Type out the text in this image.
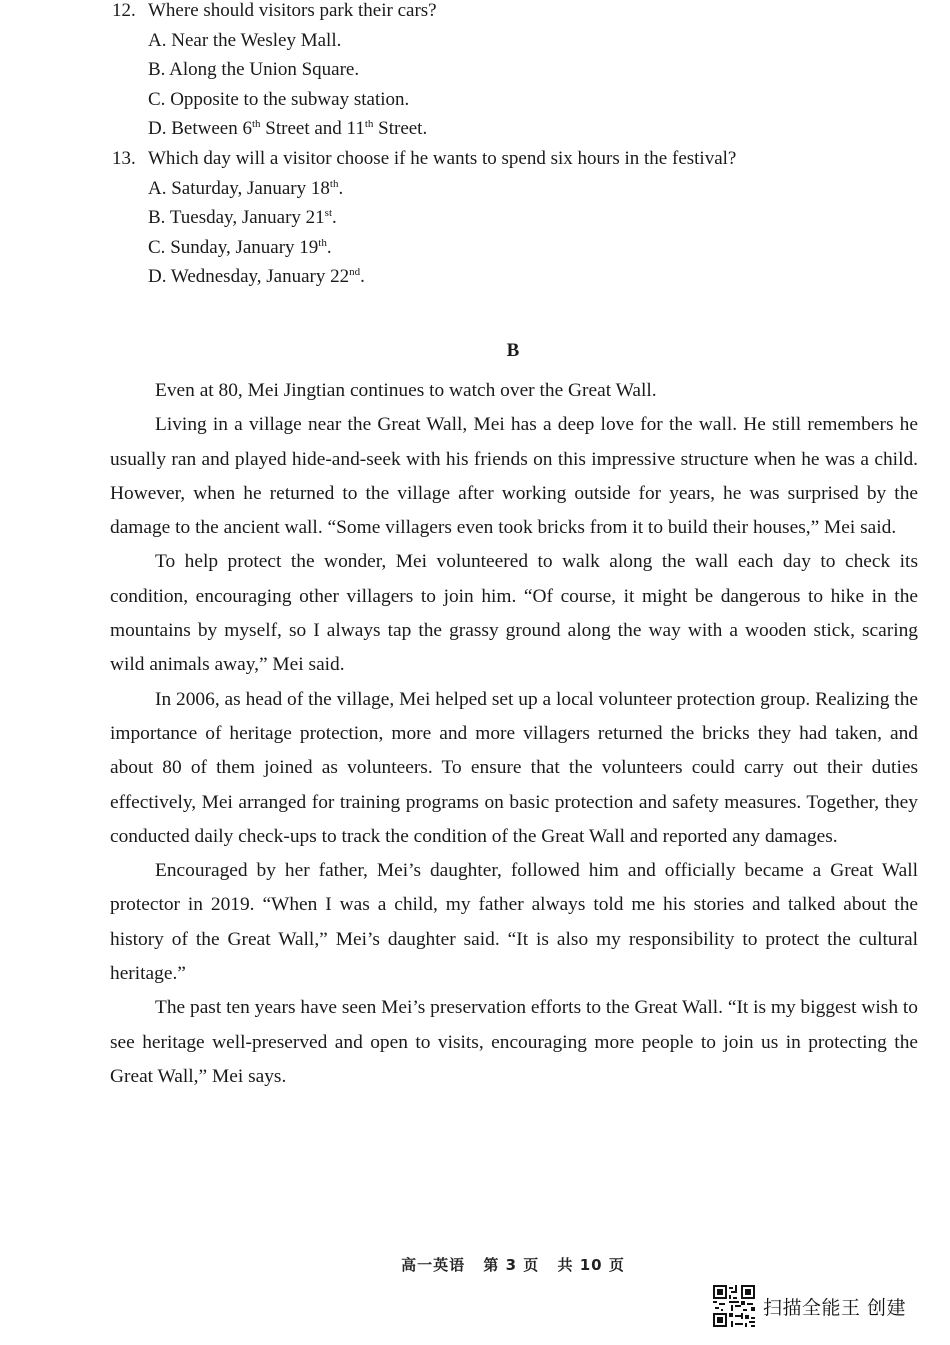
12. Where should visitors park their cars?
A. Near the Wesley Mall.
B. Along the Union Square.
C. Opposite to the subway station.
D. Between 6th Street and 11th Street.
13. Which day will a visitor choose if he wants to spend six hours in the festival?
A. Saturday, January 18th.
B. Tuesday, January 21st.
C. Sunday, January 19th.
D. Wednesday, January 22nd.
B

Even at 80, Mei Jingtian continues to watch over the Great Wall.

Living in a village near the Great Wall, Mei has a deep love for the wall. He still remembers he usually ran and played hide-and-seek with his friends on this impressive structure when he was a child. However, when he returned to the village after working outside for years, he was surprised by the damage to the ancient wall. “Some villagers even took bricks from it to build their houses,” Mei said.

To help protect the wonder, Mei volunteered to walk along the wall each day to check its condition, encouraging other villagers to join him. “Of course, it might be dangerous to hike in the mountains by myself, so I always tap the grassy ground along the way with a wooden stick, scaring wild animals away,” Mei said.

In 2006, as head of the village, Mei helped set up a local volunteer protection group. Realizing the importance of heritage protection, more and more villagers returned the bricks they had taken, and about 80 of them joined as volunteers. To ensure that the volunteers could carry out their duties effectively, Mei arranged for training programs on basic protection and safety measures. Together, they conducted daily check-ups to track the condition of the Great Wall and reported any damages.

Encouraged by her father, Mei’s daughter, followed him and officially became a Great Wall protector in 2019. “When I was a child, my father always told me his stories and talked about the history of the Great Wall,” Mei’s daughter said. “It is also my responsibility to protect the cultural heritage.”

The past ten years have seen Mei’s preservation efforts to the Great Wall. “It is my biggest wish to see heritage well-preserved and open to visits, encouraging more people to join us in protecting the Great Wall,” Mei says.

高一英语 第 3 页 共 10 页
扫描全能王 创建
